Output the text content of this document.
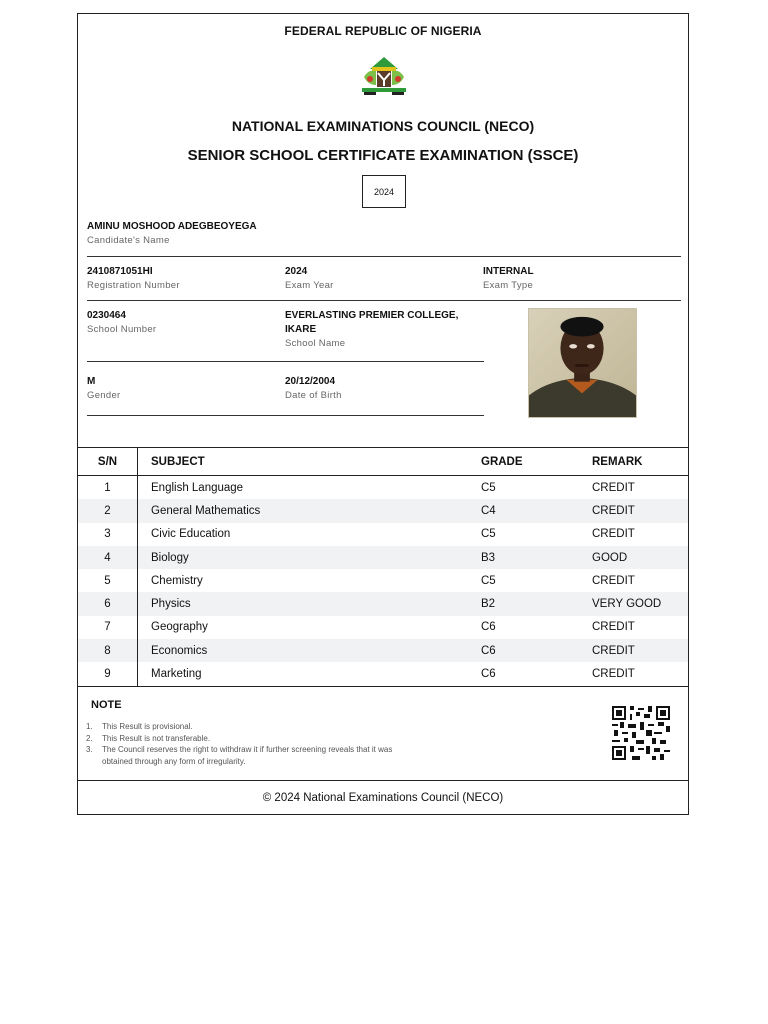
FEDERAL REPUBLIC OF NIGERIA
NATIONAL EXAMINATIONS COUNCIL (NECO)
SENIOR SCHOOL CERTIFICATE EXAMINATION (SSCE)
2024
AMINU MOSHOOD ADEGBEOYEGA
Candidate's Name
2410871051HI
Registration Number
2024
Exam Year
INTERNAL
Exam Type
0230464
School Number
EVERLASTING PREMIER COLLEGE,
IKARE
School Name
M
Gender
20/12/2004
Date of Birth
S/N	SUBJECT	GRADE	REMARK
1	English Language	C5	CREDIT
2	General Mathematics	C4	CREDIT
3	Civic Education	C5	CREDIT
4	Biology	B3	GOOD
5	Chemistry	C5	CREDIT
6	Physics	B2	VERY GOOD
7	Geography	C6	CREDIT
8	Economics	C6	CREDIT
9	Marketing	C6	CREDIT
NOTE
1.	This Result is provisional.
2.	This Result is not transferable.
3.	The Council reserves the right to withdraw it if further screening reveals that it was obtained through any form of irregularity.
© 2024 National Examinations Council (NECO)
